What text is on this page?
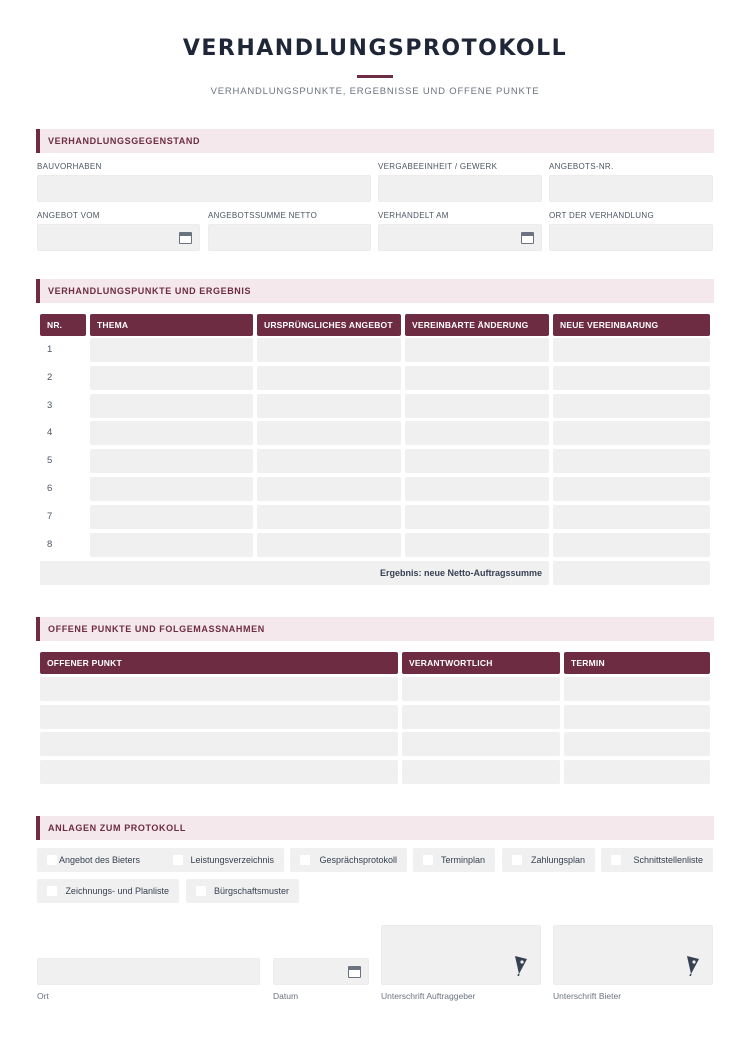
VERHANDLUNGSPROTOKOLL
VERHANDLUNGSPUNKTE, ERGEBNISSE UND OFFENE PUNKTE
VERHANDLUNGSGEGENSTAND
BAUVORHABEN	VERGABEEINHEIT / GEWERK	ANGEBOTS-NR.
ANGEBOT VOM	ANGEBOTSSUMME NETTO	VERHANDELT AM	ORT DER VERHANDLUNG
VERHANDLUNGSPUNKTE UND ERGEBNIS
NR.	THEMA	URSPRÜNGLICHES ANGEBOT	VEREINBARTE ÄNDERUNG	NEUE VEREINBARUNG
1
2
3
4
5
6
7
8
Ergebnis: neue Netto-Auftragssumme
OFFENE PUNKTE UND FOLGEMASSNAHMEN
OFFENER PUNKT	VERANTWORTLICH	TERMIN
ANLAGEN ZUM PROTOKOLL
Angebot des Bieters	Leistungsverzeichnis	Gesprächsprotokoll	Terminplan	Zahlungsplan	Schnittstellenliste
Zeichnungs- und Planliste	Bürgschaftsmuster
Ort	Datum	Unterschrift Auftraggeber	Unterschrift Bieter
